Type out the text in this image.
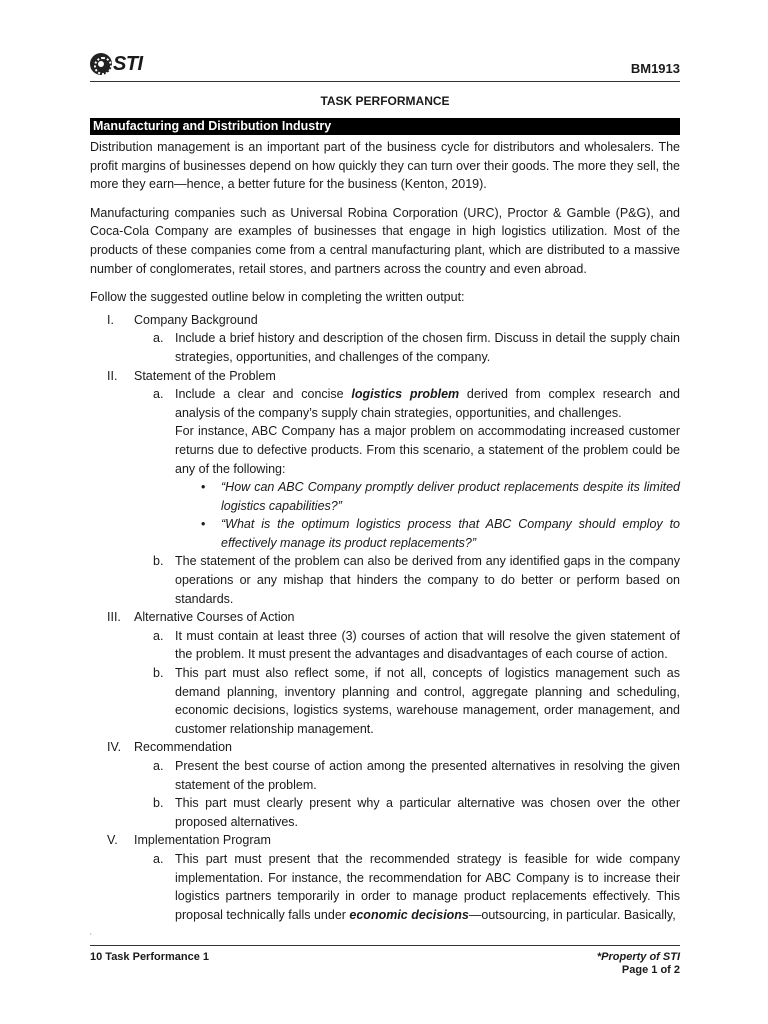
STI	BM1913
TASK PERFORMANCE
Manufacturing and Distribution Industry

Distribution management is an important part of the business cycle for distributors and wholesalers. The profit margins of businesses depend on how quickly they can turn over their goods. The more they sell, the more they earn—hence, a better future for the business (Kenton, 2019).

Manufacturing companies such as Universal Robina Corporation (URC), Proctor & Gamble (P&G), and Coca-Cola Company are examples of businesses that engage in high logistics utilization. Most of the products of these companies come from a central manufacturing plant, which are distributed to a massive number of conglomerates, retail stores, and partners across the country and even abroad.

Follow the suggested outline below in completing the written output:

I.	Company Background
a. Include a brief history and description of the chosen firm. Discuss in detail the supply chain strategies, opportunities, and challenges of the company.
II.	Statement of the Problem
a. Include a clear and concise logistics problem derived from complex research and analysis of the company’s supply chain strategies, opportunities, and challenges.
For instance, ABC Company has a major problem on accommodating increased customer returns due to defective products. From this scenario, a statement of the problem could be any of the following:
• “How can ABC Company promptly deliver product replacements despite its limited logistics capabilities?”
• “What is the optimum logistics process that ABC Company should employ to effectively manage its product replacements?”
b. The statement of the problem can also be derived from any identified gaps in the company operations or any mishap that hinders the company to do better or perform based on standards.
III.	Alternative Courses of Action
a. It must contain at least three (3) courses of action that will resolve the given statement of the problem. It must present the advantages and disadvantages of each course of action.
b. This part must also reflect some, if not all, concepts of logistics management such as demand planning, inventory planning and control, aggregate planning and scheduling, economic decisions, logistics systems, warehouse management, order management, and customer relationship management.
IV.	Recommendation
a. Present the best course of action among the presented alternatives in resolving the given statement of the problem.
b. This part must clearly present why a particular alternative was chosen over the other proposed alternatives.
V.	Implementation Program
a. This part must present that the recommended strategy is feasible for wide company implementation. For instance, the recommendation for ABC Company is to increase their logistics partners temporarily in order to manage product replacements effectively. This proposal technically falls under economic decisions—outsourcing, in particular. Basically,
,
10 Task Performance 1	*Property of STI
Page 1 of 2
